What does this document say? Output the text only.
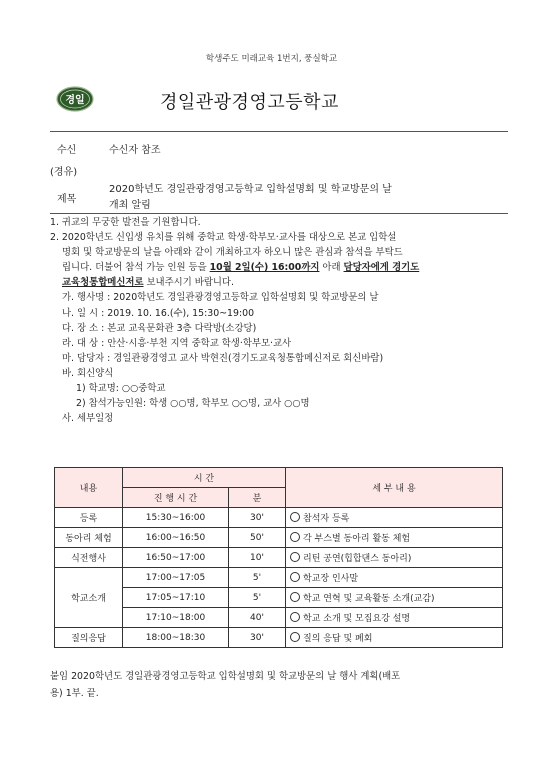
학생주도 미래교육 1번지, 풍실학교
경일	경일관광경영고등학교
수신	수신자 참조
(경유)
제목
2020학년도 경일관광경영고등학교 입학설명회 및 학교방문의 날
개최 알림

1. 귀교의 무궁한 발전을 기원합니다.

2. 2020학년도 신입생 유치를 위해 중학교 학생·학부모·교사를 대상으로 본교 입학설

명회 및 학교방문의 날을 아래와 같이 개최하고자 하오니 많은 관심과 참석을 부탁드

립니다. 더불어 참석 가능 인원 등을 10월 2일(수) 16:00까지 아래 담당자에게 경기도

교육청통합메신저로 보내주시기 바랍니다.

가. 행사명 : 2020학년도 경일관광경영고등학교 입학설명회 및 학교방문의 날

나. 일 시 : 2019. 10. 16.(수), 15:30~19:00

다. 장 소 : 본교 교육문화관 3층 다락방(소강당)

라. 대 상 : 안산·시흥·부천 지역 중학교 학생·학부모·교사

마. 담당자 : 경일관광경영고 교사 박현진(경기도교육청통합메신저로 회신바람)

바. 회신양식

1) 학교명: ○○중학교

2) 참석가능인원: 학생 ○○명, 학부모 ○○명, 교사 ○○명

사. 세부일정

내용	시 간		세 부 내 용
	진 행 시 간	분	
등록	15:30~16:00	30'	참석자 등록
동아리 체험	16:00~16:50	50'	각 부스별 동아리 활동 체험
식전행사	16:50~17:00	10'	리틴 공연(힙합댄스 동아리)
학교소개	17:00~17:05	5'	학교장 인사말
	17:05~17:10	5'	학교 연혁 및 교육활동 소개(교감)
	17:10~18:00	40'	학교 소개 및 모집요강 설명
질의응답	18:00~18:30	30'	질의 응답 및 폐회
붙임 2020학년도 경일관광경영고등학교 입학설명회 및 학교방문의 날 행사 계획(배포
용) 1부. 끝.
